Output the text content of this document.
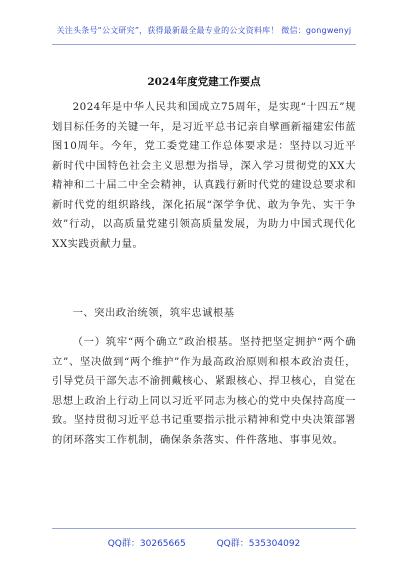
关注头条号“公文研究”，获得最新最全最专业的公文资料库！ 微信：gongwenyj
2024年度党建工作要点

2024年是中华人民共和国成立75周年，是实现“十四五”规划目标任务的关键一年，是习近平总书记亲自擘画新福建宏伟蓝图10周年。今年，党工委党建工作总体要求是：坚持以习近平新时代中国特色社会主义思想为指导，深入学习贯彻党的XX大精神和二十届二中全会精神，认真践行新时代党的建设总要求和新时代党的组织路线，深化拓展“深学争优、敢为争先、实干争效”行动，以高质量党建引领高质量发展，为助力中国式现代化XX实践贡献力量。

一、突出政治统领，筑牢忠诚根基

（一）筑牢“两个确立”政治根基。坚持把坚定拥护“两个确立”、坚决做到“两个维护”作为最高政治原则和根本政治责任，引导党员干部矢志不渝拥戴核心、紧跟核心、捍卫核心，自觉在思想上政治上行动上同以习近平同志为核心的党中央保持高度一致。坚持贯彻习近平总书记重要指示批示精神和党中央决策部署的闭环落实工作机制，确保条条落实、件件落地、事事见效。

QQ群：30265665	QQ群：535304092
